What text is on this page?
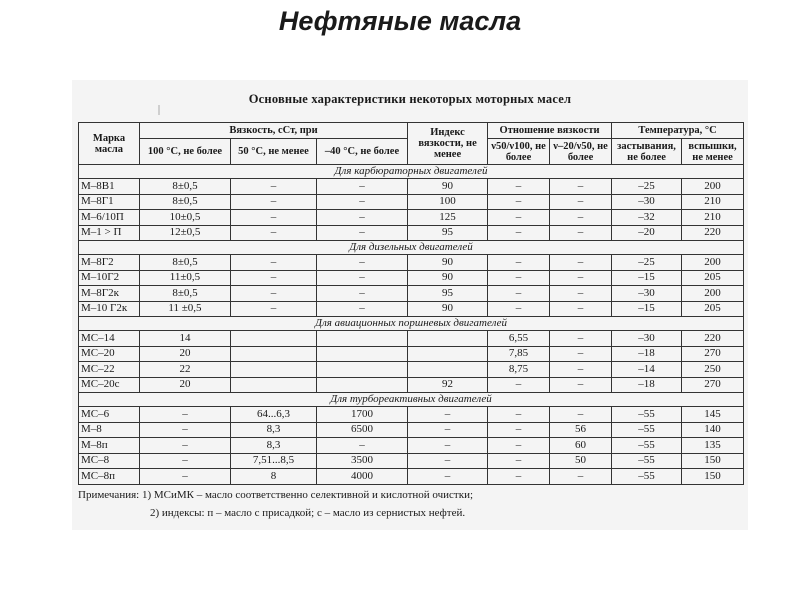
Нефтяные масла
Основные характеристики некоторых моторных масел
Марка масла	Вязкость, сСт, при			Индекс вязкости, не менее	Отношение вязкости		Температура, °С	
	100 °С, не более	50 °С, не менее	–40 °С, не более		ν50/ν100, не более	ν–20/ν50, не более	застывания, не более	вспышки, не менее
Для карбюраторных двигателей								
М–8В1	8±0,5	–	–	90	–	–	–25	200
М–8Г1	8±0,5	–	–	100	–	–	–30	210
М–6/10П	10±0,5	–	–	125	–	–	–32	210
М–1 > П	12±0,5	–	–	95	–	–	–20	220
Для дизельных двигателей								
М–8Г2	8±0,5	–	–	90	–	–	–25	200
М–10Г2	11±0,5	–	–	90	–	–	–15	205
М–8Г2к	8±0,5	–	–	95	–	–	–30	200
М–10 Г2к	11 ±0,5	–	–	90	–	–	–15	205
Для авиационных поршневых двигателей								
МС–14	14				6,55	–	–30	220
МС–20	20				7,85	–	–18	270
МС–22	22				8,75	–	–14	250
МС–20с	20			92	–	–	–18	270
Для турбореактивных двигателей								
МС–6	–	64...6,3	1700	–	–	–	–55	145
М–8	–	8,3	6500	–	–	56	–55	140
М–8п	–	8,3	–	–	–	60	–55	135
МС–8	–	7,51...8,5	3500	–	–	50	–55	150
МС–8п	–	8	4000	–	–	–	–55	150
Примечания: 1) МСиМК – масло соответственно селективной и кислотной очистки;
2) индексы: п – масло с присадкой; с – масло из сернистых нефтей.
